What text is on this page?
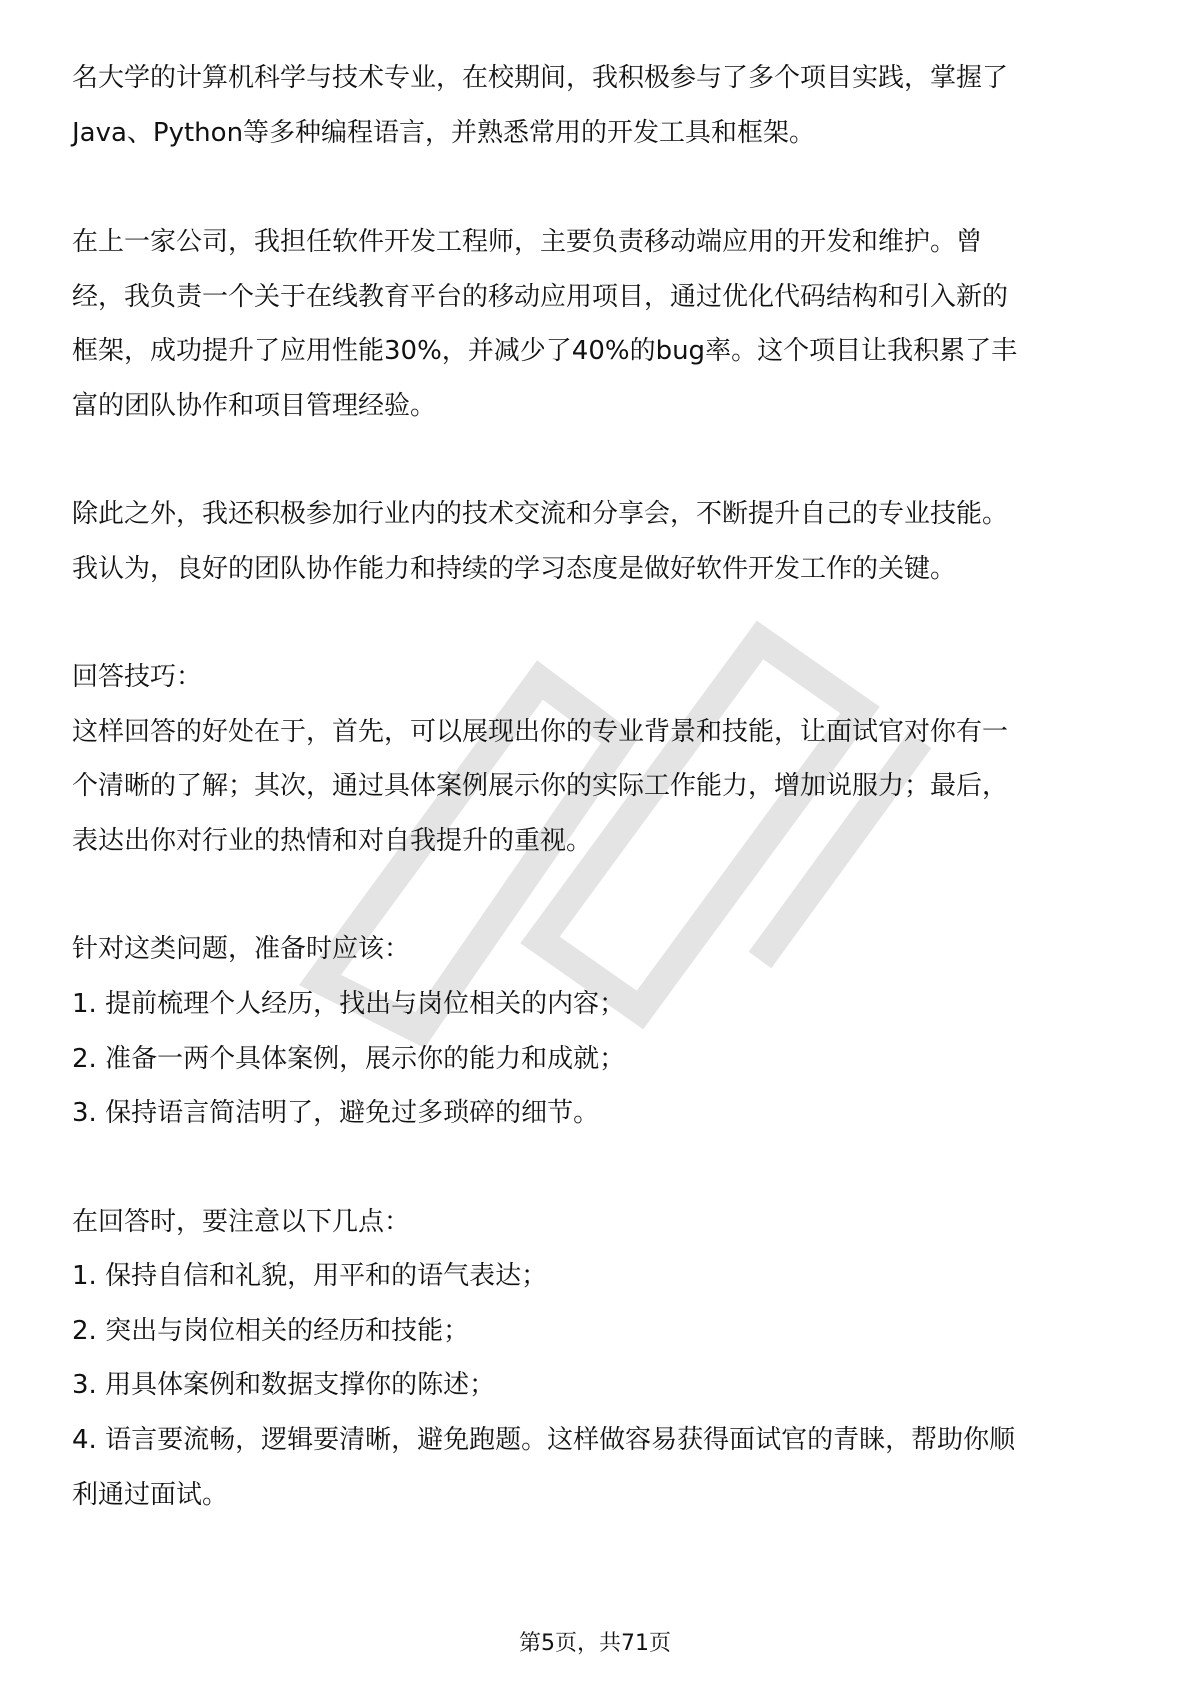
名大学的计算机科学与技术专业，在校期间，我积极参与了多个项目实践，掌握了
Java、Python等多种编程语言，并熟悉常用的开发工具和框架。
在上一家公司，我担任软件开发工程师，主要负责移动端应用的开发和维护。曾
经，我负责一个关于在线教育平台的移动应用项目，通过优化代码结构和引入新的
框架，成功提升了应用性能30%，并减少了40%的bug率。这个项目让我积累了丰
富的团队协作和项目管理经验。
除此之外，我还积极参加行业内的技术交流和分享会，不断提升自己的专业技能。
我认为，良好的团队协作能力和持续的学习态度是做好软件开发工作的关键。
回答技巧：
这样回答的好处在于，首先，可以展现出你的专业背景和技能，让面试官对你有一
个清晰的了解；其次，通过具体案例展示你的实际工作能力，增加说服力；最后，
表达出你对行业的热情和对自我提升的重视。
针对这类问题，准备时应该：
1. 提前梳理个人经历，找出与岗位相关的内容；
2. 准备一两个具体案例，展示你的能力和成就；
3. 保持语言简洁明了，避免过多琐碎的细节。
在回答时，要注意以下几点：
1. 保持自信和礼貌，用平和的语气表达；
2. 突出与岗位相关的经历和技能；
3. 用具体案例和数据支撑你的陈述；
4. 语言要流畅，逻辑要清晰，避免跑题。这样做容易获得面试官的青睐，帮助你顺
利通过面试。
第5页，共71页
